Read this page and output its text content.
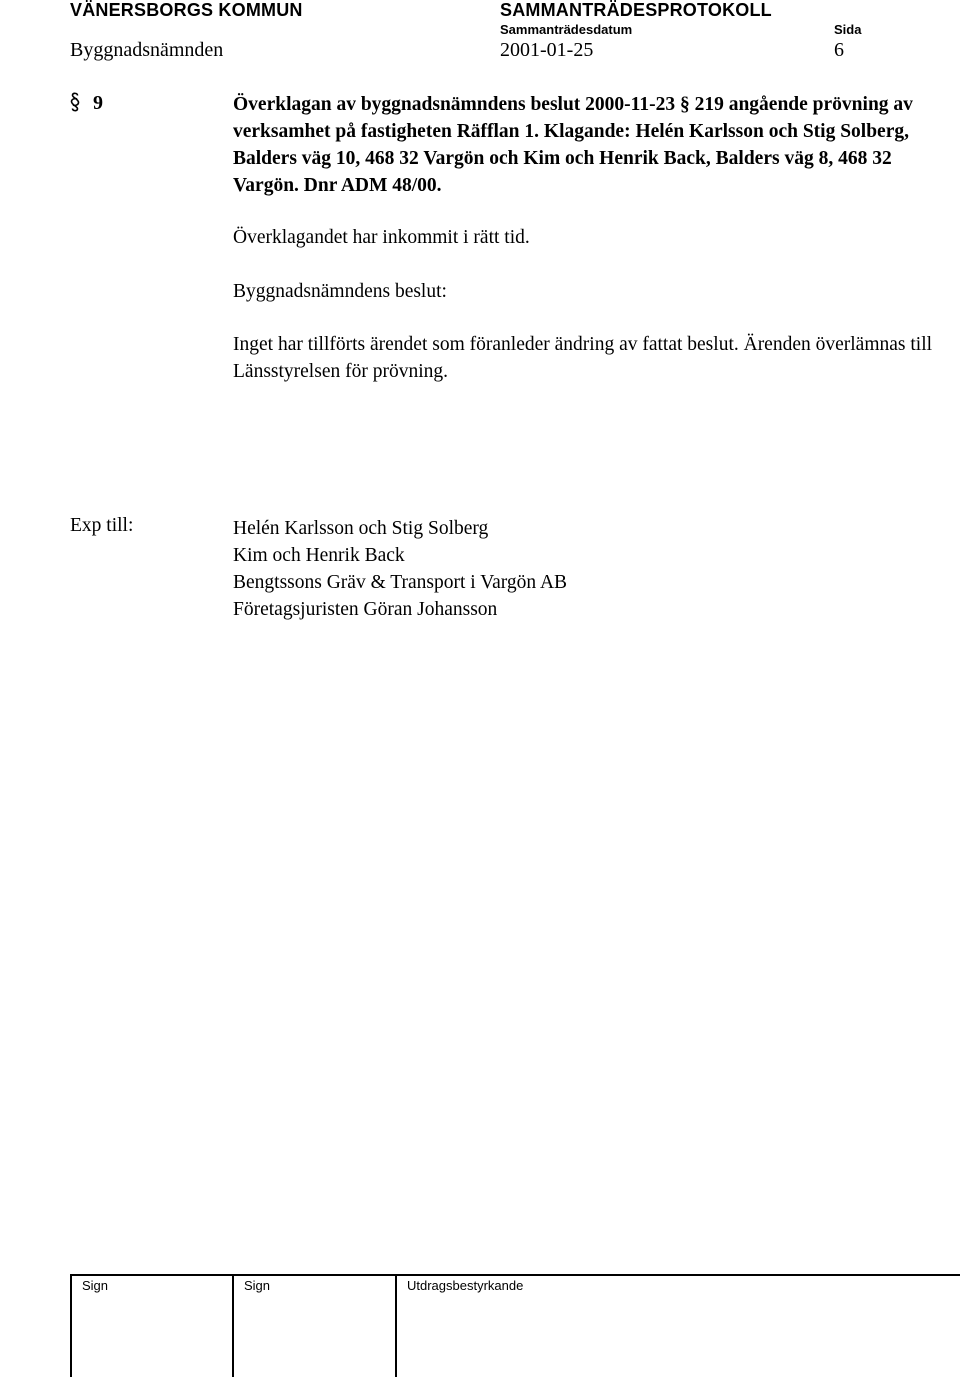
VÄNERSBORGS KOMMUN	SAMMANTRÄDESPROTOKOLL
Sammanträdesdatum	Sida
Byggnadsnämnden	2001-01-25	6
9	Överklagan av byggnadsnämndens beslut 2000-11-23 § 219 angående prövning av verksamhet på fastigheten Räfflan 1. Klagande: Helén Karlsson och Stig Solberg, Balders väg 10, 468 32 Vargön och Kim och Henrik Back, Balders väg 8, 468 32 Vargön. Dnr ADM 48/00.
Överklagandet har inkommit i rätt tid.
Byggnadsnämndens beslut:
Inget har tillförts ärendet som föranleder ändring av fattat beslut. Ärenden överlämnas till Länsstyrelsen för prövning.
Exp till:	Helén Karlsson och Stig Solberg
Kim och Henrik Back
Bengtssons Gräv & Transport i Vargön AB
Företagsjuristen Göran Johansson
Sign	Sign	Utdragsbestyrkande
